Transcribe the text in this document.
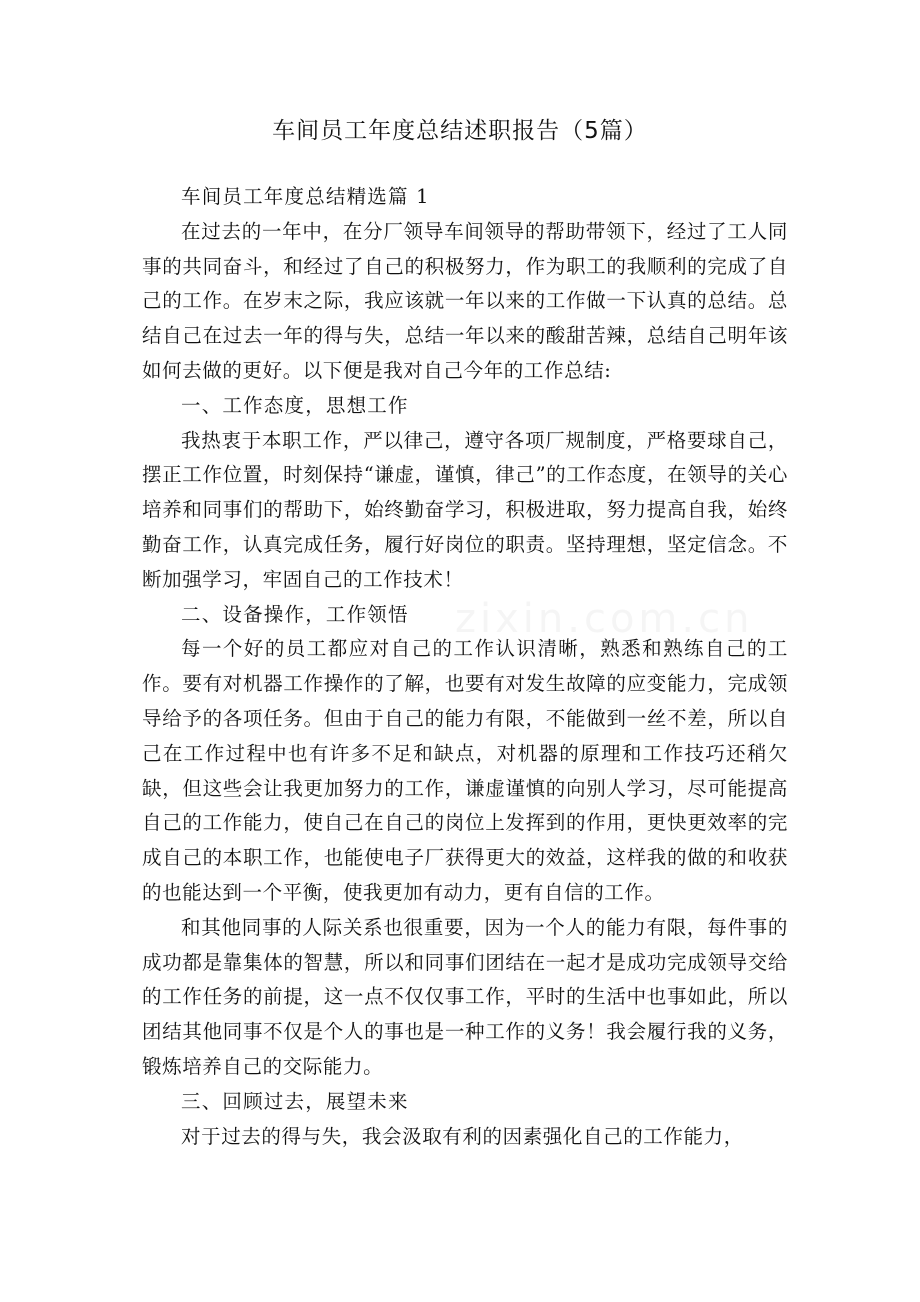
车间员工年度总结述职报告（5篇）

车间员工年度总结精选篇 1

在过去的一年中，在分厂领导车间领导的帮助带领下，经过了工人同事的共同奋斗，和经过了自己的积极努力，作为职工的我顺利的完成了自己的工作。在岁末之际，我应该就一年以来的工作做一下认真的总结。总结自己在过去一年的得与失，总结一年以来的酸甜苦辣，总结自己明年该如何去做的更好。以下便是我对自己今年的工作总结:

一、工作态度，思想工作

我热衷于本职工作，严以律己，遵守各项厂规制度，严格要球自己，摆正工作位置，时刻保持“谦虚，谨慎，律己”的工作态度，在领导的关心培养和同事们的帮助下，始终勤奋学习，积极进取，努力提高自我，始终勤奋工作，认真完成任务，履行好岗位的职责。坚持理想，坚定信念。不断加强学习，牢固自己的工作技术！

二、设备操作，工作领悟

每一个好的员工都应对自己的工作认识清晰，熟悉和熟练自己的工作。要有对机器工作操作的了解，也要有对发生故障的应变能力，完成领导给予的各项任务。但由于自己的能力有限，不能做到一丝不差，所以自己在工作过程中也有许多不足和缺点，对机器的原理和工作技巧还稍欠缺，但这些会让我更加努力的工作，谦虚谨慎的向别人学习，尽可能提高自己的工作能力，使自己在自己的岗位上发挥到的作用，更快更效率的完成自己的本职工作，也能使电子厂获得更大的效益，这样我的做的和收获的也能达到一个平衡，使我更加有动力，更有自信的工作。

和其他同事的人际关系也很重要，因为一个人的能力有限，每件事的成功都是靠集体的智慧，所以和同事们团结在一起才是成功完成领导交给的工作任务的前提，这一点不仅仅事工作，平时的生活中也事如此，所以团结其他同事不仅是个人的事也是一种工作的义务！我会履行我的义务，锻炼培养自己的交际能力。

三、回顾过去，展望未来

对于过去的得与失，我会汲取有利的因素强化自己的工作能力，

zixin.com.cn
